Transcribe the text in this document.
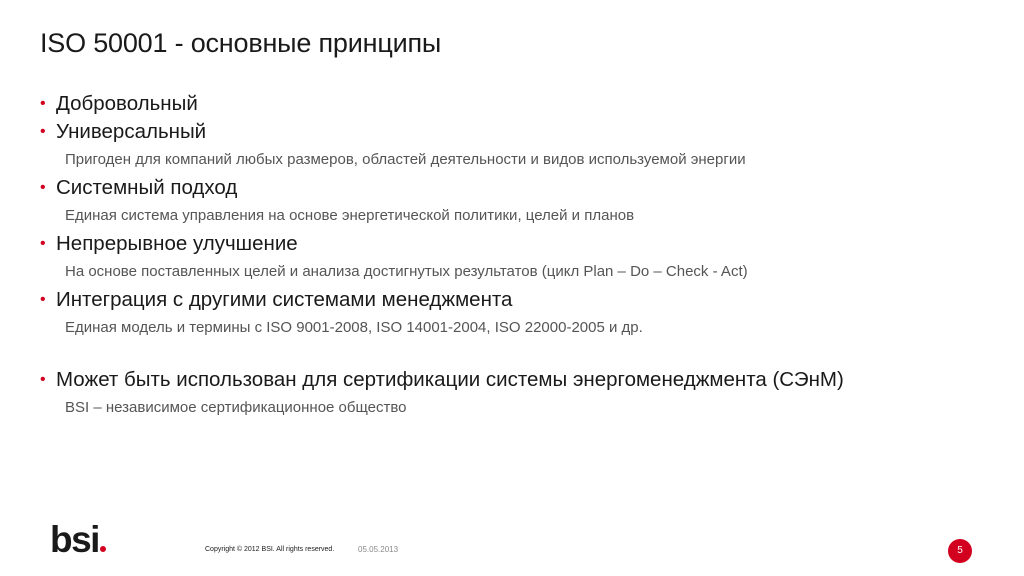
ISO 50001 - основные принципы
• Добровольный
• Универсальный
Пригоден для компаний любых размеров, областей деятельности и видов используемой энергии
• Системный подход
Единая система управления на основе энергетической политики, целей и планов
• Непрерывное улучшение
На основе поставленных целей и анализа достигнутых результатов (цикл Plan – Do – Check - Act)
• Интеграция с другими системами менеджмента
Единая модель и термины с ISO 9001-2008, ISO 14001-2004, ISO 22000-2005 и др.
• Может быть использован для сертификации системы энергоменеджмента (СЭнМ)
BSI – независимое сертификационное общество
bsi	Copyright © 2012 BSI. All rights reserved.	05.05.2013	5
